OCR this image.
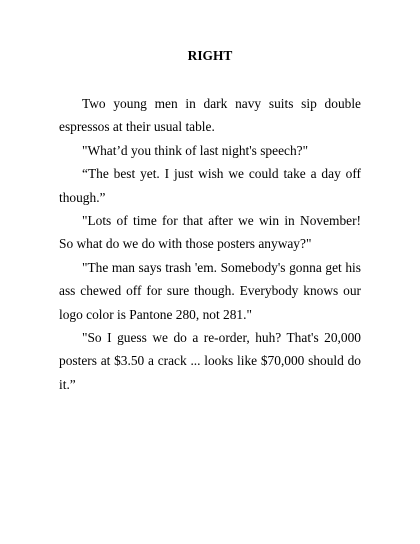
RIGHT

Two young men in dark navy suits sip double espressos at their usual table.

"What’d you think of last night's speech?"

“The best yet. I just wish we could take a day off though.”

"Lots of time for that after we win in November! So what do we do with those posters anyway?"

"The man says trash 'em. Somebody's gonna get his ass chewed off for sure though. Everybody knows our logo color is Pantone 280, not 281."

"So I guess we do a re-order, huh? That's 20,000 posters at $3.50 a crack ... looks like $70,000 should do it.”
